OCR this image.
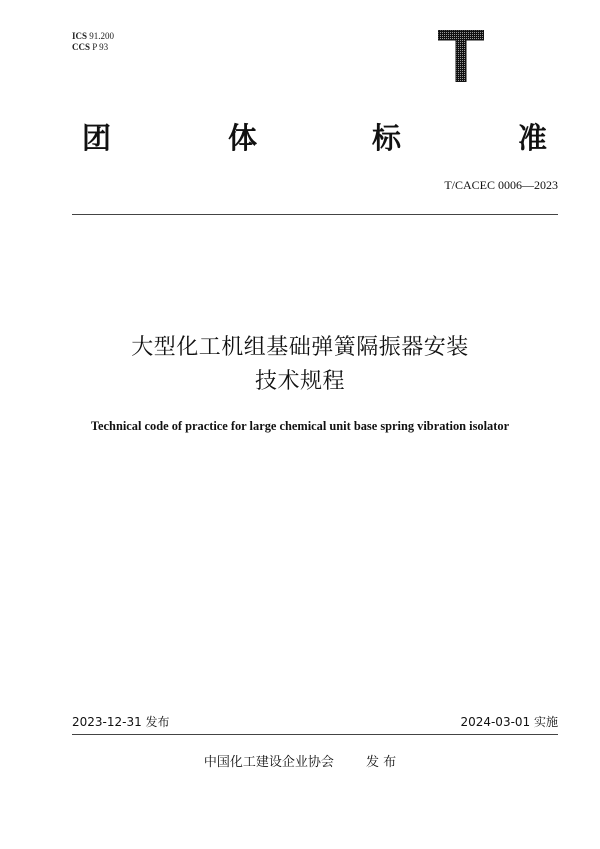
ICS 91.200
CCS P 93
团	体	标	准
T/CACEC 0006—2023
大型化工机组基础弹簧隔振器安装
技术规程
Technical code of practice for large chemical unit base spring vibration isolator
2023-12-31 发布	2024-03-01 实施
中国化工建设企业协会 发 布
